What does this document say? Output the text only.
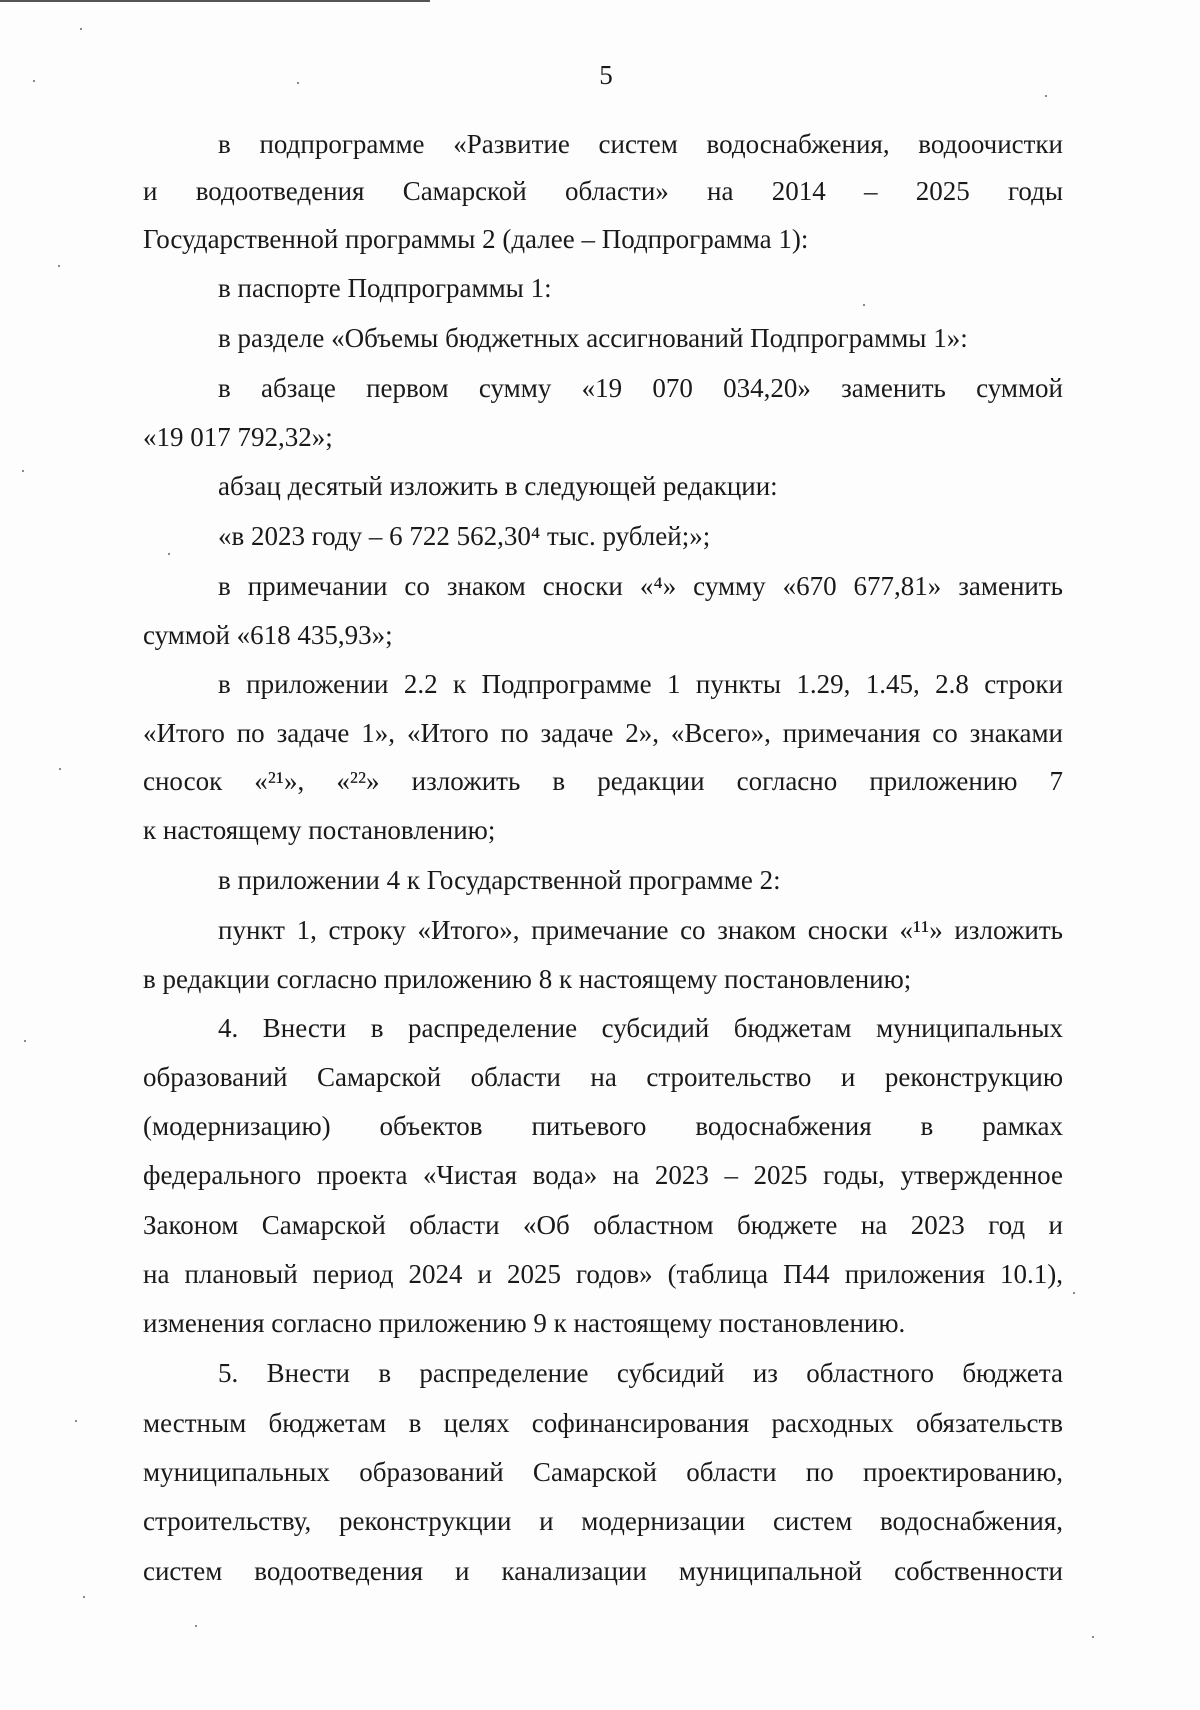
5
в подпрограмме «Развитие систем водоснабжения, водоочистки
и водоотведения Самарской области» на 2014 – 2025 годы
Государственной программы 2 (далее – Подпрограмма 1):
в паспорте Подпрограммы 1:
в разделе «Объемы бюджетных ассигнований Подпрограммы 1»:
в абзаце первом сумму «19 070 034,20» заменить суммой
«19 017 792,32»;
абзац десятый изложить в следующей редакции:
«в 2023 году – 6 722 562,30⁴ тыс. рублей;»;
в примечании со знаком сноски «⁴» сумму «670 677,81» заменить
суммой «618 435,93»;
в приложении 2.2 к Подпрограмме 1 пункты 1.29, 1.45, 2.8 строки
«Итого по задаче 1», «Итого по задаче 2», «Всего», примечания со знаками
сносок «²¹», «²²» изложить в редакции согласно приложению 7
к настоящему постановлению;
в приложении 4 к Государственной программе 2:
пункт 1, строку «Итого», примечание со знаком сноски «¹¹» изложить
в редакции согласно приложению 8 к настоящему постановлению;
4. Внести в распределение субсидий бюджетам муниципальных
образований Самарской области на строительство и реконструкцию
(модернизацию) объектов питьевого водоснабжения в рамках
федерального проекта «Чистая вода» на 2023 – 2025 годы, утвержденное
Законом Самарской области «Об областном бюджете на 2023 год и
на плановый период 2024 и 2025 годов» (таблица П44 приложения 10.1),
изменения согласно приложению 9 к настоящему постановлению.
5. Внести в распределение субсидий из областного бюджета
местным бюджетам в целях софинансирования расходных обязательств
муниципальных образований Самарской области по проектированию,
строительству, реконструкции и модернизации систем водоснабжения,
систем водоотведения и канализации муниципальной собственности
